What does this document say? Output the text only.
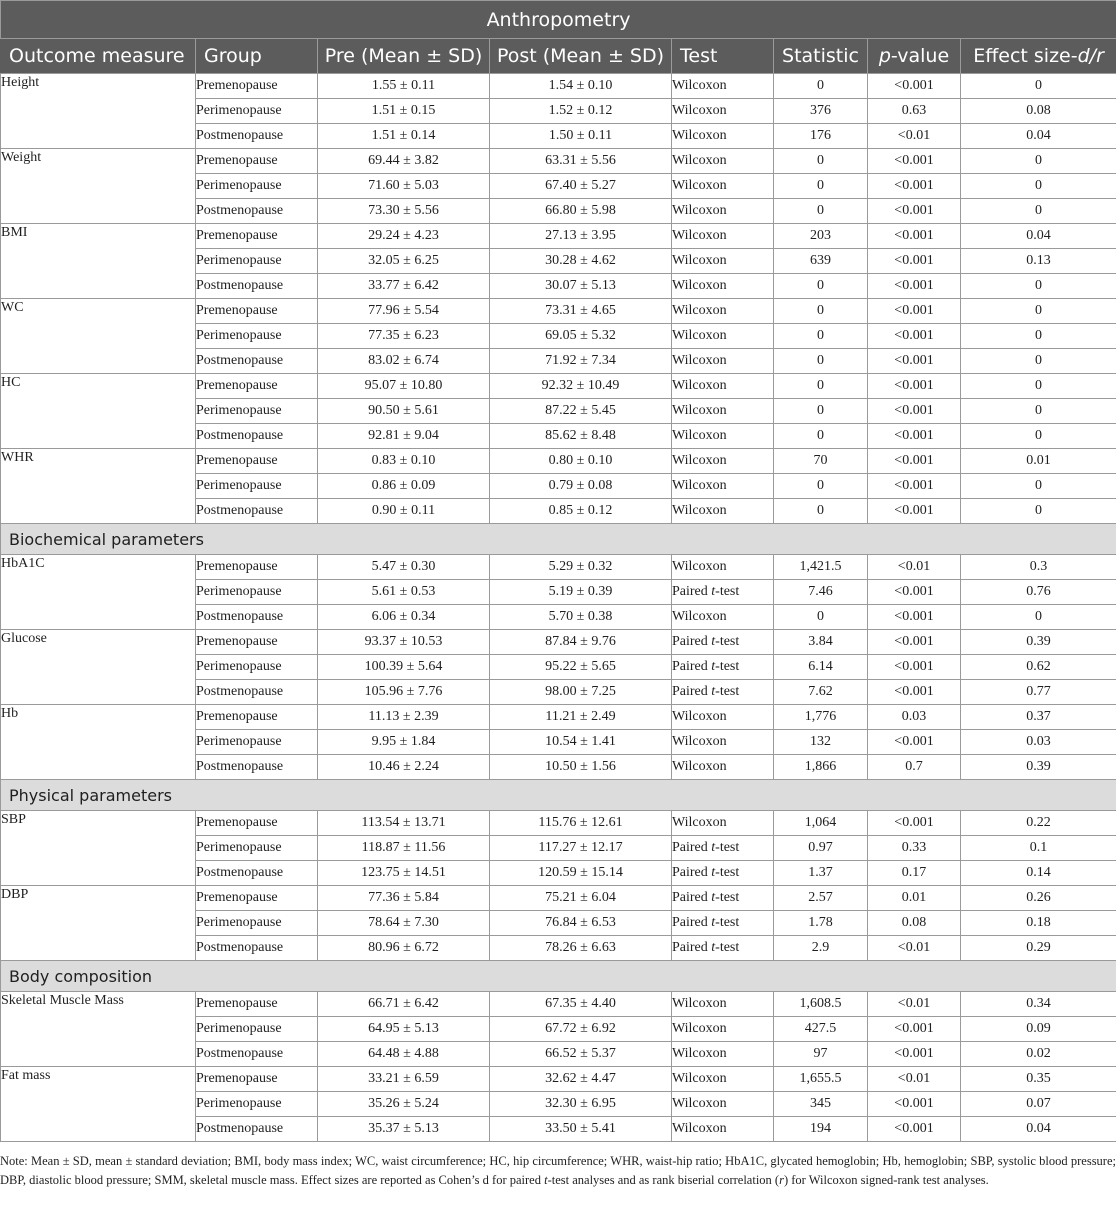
Anthropometry							
Outcome measure	Group	Pre (Mean ± SD)	Post (Mean ± SD)	Test	Statistic	p-value	Effect size-d/r
Height	Premenopause	1.55 ± 0.11	1.54 ± 0.10	Wilcoxon	0	<0.001	0
	Perimenopause	1.51 ± 0.15	1.52 ± 0.12	Wilcoxon	376	0.63	0.08
	Postmenopause	1.51 ± 0.14	1.50 ± 0.11	Wilcoxon	176	<0.01	0.04
Weight	Premenopause	69.44 ± 3.82	63.31 ± 5.56	Wilcoxon	0	<0.001	0
	Perimenopause	71.60 ± 5.03	67.40 ± 5.27	Wilcoxon	0	<0.001	0
	Postmenopause	73.30 ± 5.56	66.80 ± 5.98	Wilcoxon	0	<0.001	0
BMI	Premenopause	29.24 ± 4.23	27.13 ± 3.95	Wilcoxon	203	<0.001	0.04
	Perimenopause	32.05 ± 6.25	30.28 ± 4.62	Wilcoxon	639	<0.001	0.13
	Postmenopause	33.77 ± 6.42	30.07 ± 5.13	Wilcoxon	0	<0.001	0
WC	Premenopause	77.96 ± 5.54	73.31 ± 4.65	Wilcoxon	0	<0.001	0
	Perimenopause	77.35 ± 6.23	69.05 ± 5.32	Wilcoxon	0	<0.001	0
	Postmenopause	83.02 ± 6.74	71.92 ± 7.34	Wilcoxon	0	<0.001	0
HC	Premenopause	95.07 ± 10.80	92.32 ± 10.49	Wilcoxon	0	<0.001	0
	Perimenopause	90.50 ± 5.61	87.22 ± 5.45	Wilcoxon	0	<0.001	0
	Postmenopause	92.81 ± 9.04	85.62 ± 8.48	Wilcoxon	0	<0.001	0
WHR	Premenopause	0.83 ± 0.10	0.80 ± 0.10	Wilcoxon	70	<0.001	0.01
	Perimenopause	0.86 ± 0.09	0.79 ± 0.08	Wilcoxon	0	<0.001	0
	Postmenopause	0.90 ± 0.11	0.85 ± 0.12	Wilcoxon	0	<0.001	0
Biochemical parameters							
HbA1C	Premenopause	5.47 ± 0.30	5.29 ± 0.32	Wilcoxon	1,421.5	<0.01	0.3
	Perimenopause	5.61 ± 0.53	5.19 ± 0.39	Paired t-test	7.46	<0.001	0.76
	Postmenopause	6.06 ± 0.34	5.70 ± 0.38	Wilcoxon	0	<0.001	0
Glucose	Premenopause	93.37 ± 10.53	87.84 ± 9.76	Paired t-test	3.84	<0.001	0.39
	Perimenopause	100.39 ± 5.64	95.22 ± 5.65	Paired t-test	6.14	<0.001	0.62
	Postmenopause	105.96 ± 7.76	98.00 ± 7.25	Paired t-test	7.62	<0.001	0.77
Hb	Premenopause	11.13 ± 2.39	11.21 ± 2.49	Wilcoxon	1,776	0.03	0.37
	Perimenopause	9.95 ± 1.84	10.54 ± 1.41	Wilcoxon	132	<0.001	0.03
	Postmenopause	10.46 ± 2.24	10.50 ± 1.56	Wilcoxon	1,866	0.7	0.39
Physical parameters							
SBP	Premenopause	113.54 ± 13.71	115.76 ± 12.61	Wilcoxon	1,064	<0.001	0.22
	Perimenopause	118.87 ± 11.56	117.27 ± 12.17	Paired t-test	0.97	0.33	0.1
	Postmenopause	123.75 ± 14.51	120.59 ± 15.14	Paired t-test	1.37	0.17	0.14
DBP	Premenopause	77.36 ± 5.84	75.21 ± 6.04	Paired t-test	2.57	0.01	0.26
	Perimenopause	78.64 ± 7.30	76.84 ± 6.53	Paired t-test	1.78	0.08	0.18
	Postmenopause	80.96 ± 6.72	78.26 ± 6.63	Paired t-test	2.9	<0.01	0.29
Body composition							
Skeletal Muscle Mass	Premenopause	66.71 ± 6.42	67.35 ± 4.40	Wilcoxon	1,608.5	<0.01	0.34
	Perimenopause	64.95 ± 5.13	67.72 ± 6.92	Wilcoxon	427.5	<0.001	0.09
	Postmenopause	64.48 ± 4.88	66.52 ± 5.37	Wilcoxon	97	<0.001	0.02
Fat mass	Premenopause	33.21 ± 6.59	32.62 ± 4.47	Wilcoxon	1,655.5	<0.01	0.35
	Perimenopause	35.26 ± 5.24	32.30 ± 6.95	Wilcoxon	345	<0.001	0.07
	Postmenopause	35.37 ± 5.13	33.50 ± 5.41	Wilcoxon	194	<0.001	0.04
Note: Mean ± SD, mean ± standard deviation; BMI, body mass index; WC, waist circumference; HC, hip circumference; WHR, waist-hip ratio; HbA1C, glycated hemoglobin; Hb, hemoglobin; SBP, systolic blood pressure; DBP, diastolic blood pressure; SMM, skeletal muscle mass. Effect sizes are reported as Cohen’s d for paired t-test analyses and as rank biserial correlation (r) for Wilcoxon signed-rank test analyses.
